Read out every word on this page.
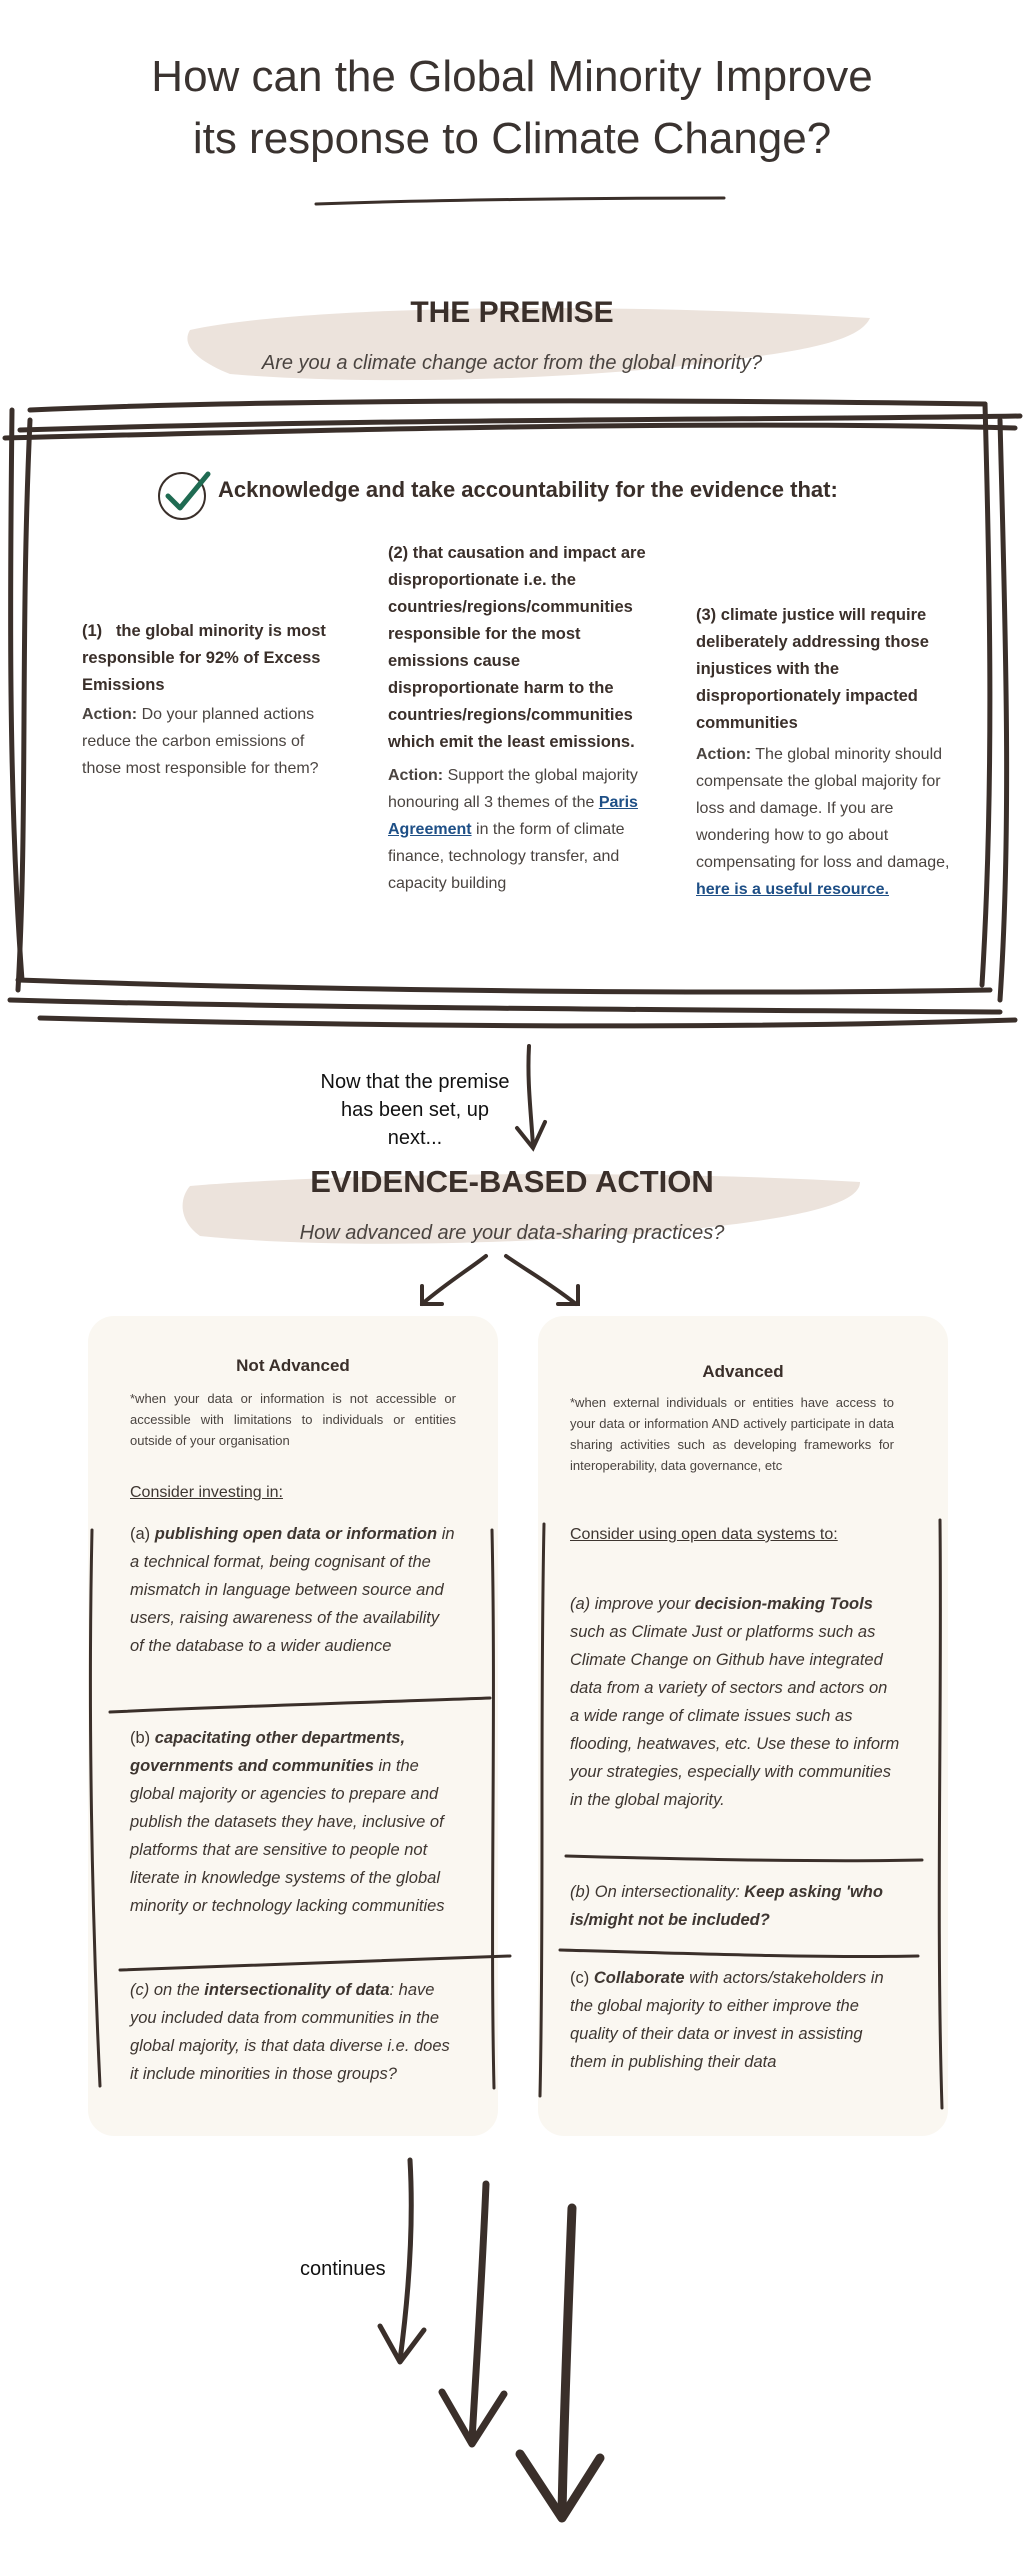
How can the Global Minority Improve
its response to Climate Change?
THE PREMISE
Are you a climate change actor from the global minority?
Acknowledge and take accountability for the evidence that:
(1) the global minority is most responsible for 92% of Excess Emissions
Action: Do your planned actions reduce the carbon emissions of those most responsible for them?
(2) that causation and impact are disproportionate i.e. the countries/regions/communities responsible for the most emissions cause disproportionate harm to the countries/regions/communities which emit the least emissions.
Action: Support the global majority honouring all 3 themes of the Paris Agreement in the form of climate finance, technology transfer, and capacity building
(3) climate justice will require deliberately addressing those injustices with the disproportionately impacted communities
Action: The global minority should compensate the global majority for loss and damage. If you are wondering how to go about compensating for loss and damage, here is a useful resource.
Now that the premise
has been set, up
next...
EVIDENCE-BASED ACTION
How advanced are your data-sharing practices?
Not Advanced
*when your data or information is not accessible or accessible with limitations to individuals or entities outside of your organisation
Consider investing in:
(a) publishing open data or information in a technical format, being cognisant of the mismatch in language between source and users, raising awareness of the availability of the database to a wider audience
(b) capacitating other departments, governments and communities in the global majority or agencies to prepare and publish the datasets they have, inclusive of platforms that are sensitive to people not literate in knowledge systems of the global minority or technology lacking communities
(c) on the intersectionality of data: have you included data from communities in the global majority, is that data diverse i.e. does it include minorities in those groups?
Advanced
*when external individuals or entities have access to your data or information AND actively participate in data sharing activities such as developing frameworks for interoperability, data governance, etc
Consider using open data systems to:
(a) improve your decision-making Tools such as Climate Just or platforms such as Climate Change on Github have integrated data from a variety of sectors and actors on a wide range of climate issues such as flooding, heatwaves, etc. Use these to inform your strategies, especially with communities in the global majority.
(b) On intersectionality: Keep asking 'who is/might not be included?
(c) Collaborate with actors/stakeholders in the global majority to either improve the quality of their data or invest in assisting them in publishing their data
continues
